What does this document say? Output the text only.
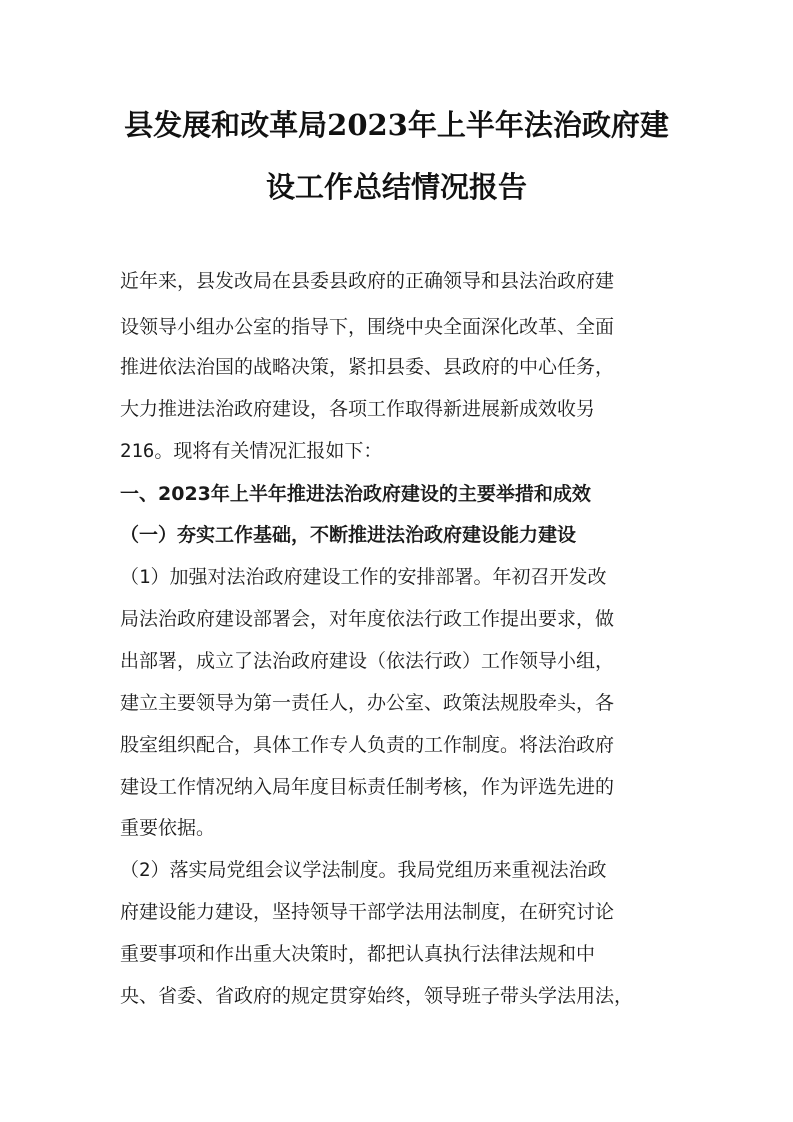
县发展和改革局2023年上半年法治政府建
设工作总结情况报告
近年来，县发改局在县委县政府的正确领导和县法治政府建
设领导小组办公室的指导下，围绕中央全面深化改革、全面
推进依法治国的战略决策，紧扣县委、县政府的中心任务，
大力推进法治政府建设，各项工作取得新进展新成效收另
216。现将有关情况汇报如下：
一、2023年上半年推进法治政府建设的主要举措和成效
（一）夯实工作基础，不断推进法治政府建设能力建设
（1）加强对法治政府建设工作的安排部署。年初召开发改
局法治政府建设部署会，对年度依法行政工作提出要求，做
出部署，成立了法治政府建设（依法行政）工作领导小组，
建立主要领导为第一责任人，办公室、政策法规股牵头，各
股室组织配合，具体工作专人负责的工作制度。将法治政府
建设工作情况纳入局年度目标责任制考核，作为评选先进的
重要依据。
（2）落实局党组会议学法制度。我局党组历来重视法治政
府建设能力建设，坚持领导干部学法用法制度，在研究讨论
重要事项和作出重大决策时，都把认真执行法律法规和中
央、省委、省政府的规定贯穿始终，领导班子带头学法用法，
